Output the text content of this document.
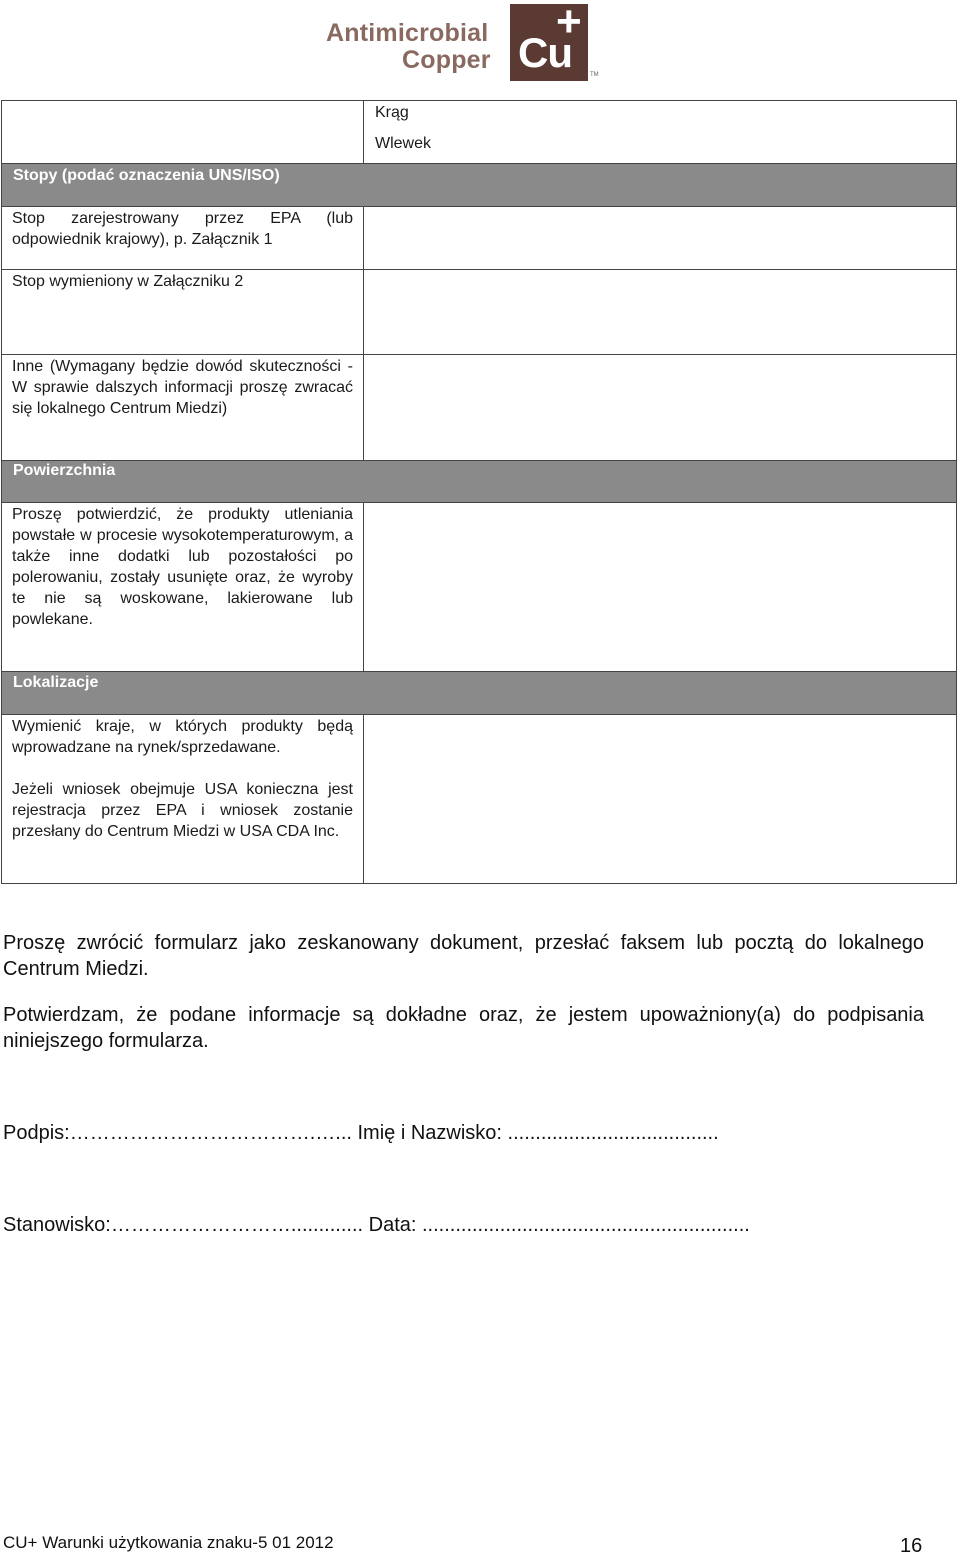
Antimicrobial
Copper Cu
+
TM
Krąg
Wlewek
Stopy (podać oznaczenia UNS/ISO)
Stop zarejestrowany przez EPA (lub odpowiednik krajowy), p. Załącznik 1
Stop wymieniony w Załączniku 2
Inne (Wymagany będzie dowód skuteczności - W sprawie dalszych informacji proszę zwracać się lokalnego Centrum Miedzi)
Powierzchnia
Proszę potwierdzić, że produkty utleniania powstałe w procesie wysokotemperaturowym, a także inne dodatki lub pozostałości po polerowaniu, zostały usunięte oraz, że wyroby te nie są woskowane, lakierowane lub powlekane.
Lokalizacje
Wymienić kraje, w których produkty będą wprowadzane na rynek/sprzedawane.
Jeżeli wniosek obejmuje USA konieczna jest rejestracja przez EPA i wniosek zostanie przesłany do Centrum Miedzi w USA CDA Inc.
Proszę zwrócić formularz jako zeskanowany dokument, przesłać faksem lub pocztą do lokalnego Centrum Miedzi.
Potwierdzam, że podane informacje są dokładne oraz, że jestem upoważniony(a) do podpisania niniejszego formularza.
Podpis:……………………………….…... Imię i Nazwisko: ......................................
Stanowisko:………………………............. Data: ...........................................................
CU+ Warunki użytkowania znaku-5 01 2012	16
